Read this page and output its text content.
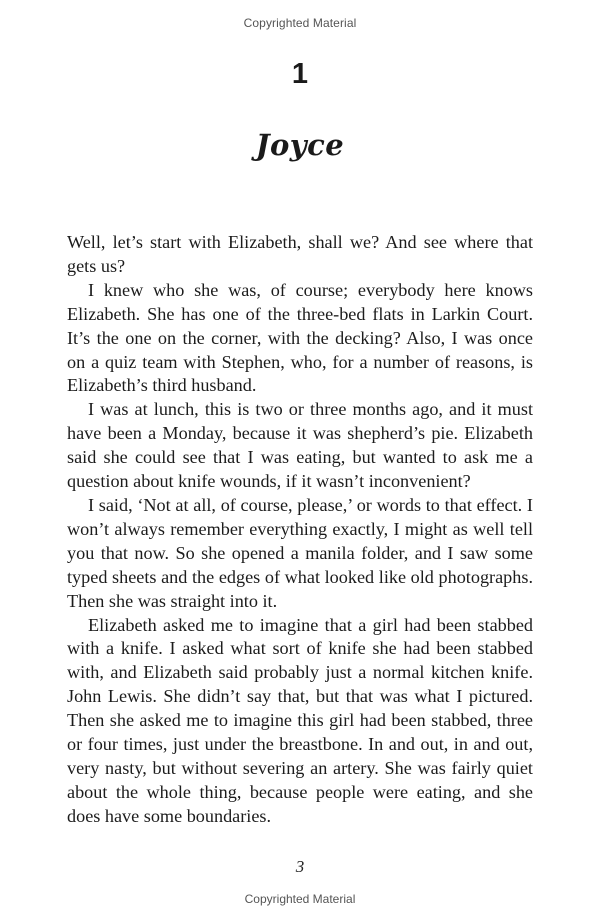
Copyrighted Material
1
Joyce

Well, let’s start with Elizabeth, shall we? And see where that gets us?

I knew who she was, of course; everybody here knows Elizabeth. She has one of the three-bed flats in Larkin Court. It’s the one on the corner, with the decking? Also, I was once on a quiz team with Stephen, who, for a number of reasons, is Elizabeth’s third husband.

I was at lunch, this is two or three months ago, and it must have been a Monday, because it was shepherd’s pie. Elizabeth said she could see that I was eating, but wanted to ask me a question about knife wounds, if it wasn’t inconvenient?

I said, ‘Not at all, of course, please,’ or words to that effect. I won’t always remember everything exactly, I might as well tell you that now. So she opened a manila folder, and I saw some typed sheets and the edges of what looked like old photographs. Then she was straight into it.

Elizabeth asked me to imagine that a girl had been stabbed with a knife. I asked what sort of knife she had been stabbed with, and Elizabeth said probably just a normal kitchen knife. John Lewis. She didn’t say that, but that was what I pictured. Then she asked me to imagine this girl had been stabbed, three or four times, just under the breastbone. In and out, in and out, very nasty, but without severing an artery. She was fairly quiet about the whole thing, because people were eating, and she does have some boundaries.

3
Copyrighted Material
